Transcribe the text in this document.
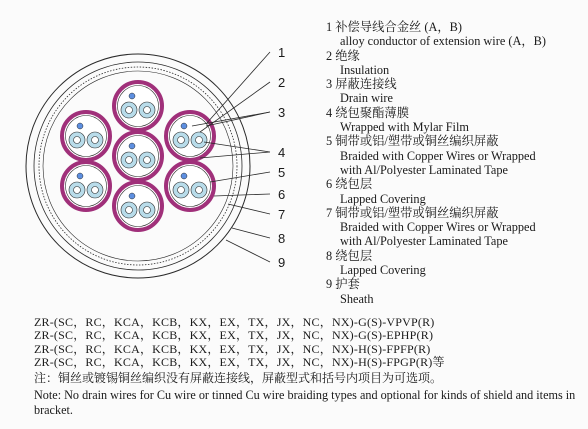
1
2
3
4
5
6
7
8
9
1 补偿导线合金丝 (A，B)
alloy conductor of extension wire (A，B)
2 绝缘
Insulation
3 屏蔽连接线
Drain wire
4 绕包聚酯薄膜
Wrapped with Mylar Film
5 铜带或铝/塑带或铜丝编织屏蔽
Braided with Copper Wires or Wrapped
with Al/Polyester Laminated Tape
6 绕包层
Lapped Covering
7 铜带或铝/塑带或铜丝编织屏蔽
Braided with Copper Wires or Wrapped
with Al/Polyester Laminated Tape
8 绕包层
Lapped Covering
9 护套
Sheath
ZR-(SC，RC，KCA，KCB，KX，EX，TX，JX，NC，NX)-G(S)-VPVP(R)
ZR-(SC，RC，KCA，KCB，KX，EX，TX，JX，NC，NX)-G(S)-EPHP(R)
ZR-(SC，RC，KCA，KCB，KX，EX，TX，JX，NC，NX)-H(S)-FPFP(R)
ZR-(SC，RC，KCA，KCB，KX，EX，TX，JX，NC，NX)-H(S)-FPGP(R)等
注：铜丝或镀锡铜丝编织没有屏蔽连接线，屏蔽型式和括号内项目为可选项。
Note: No drain wires for Cu wire or tinned Cu wire braiding types and optional for kinds of shield and items in bracket.
